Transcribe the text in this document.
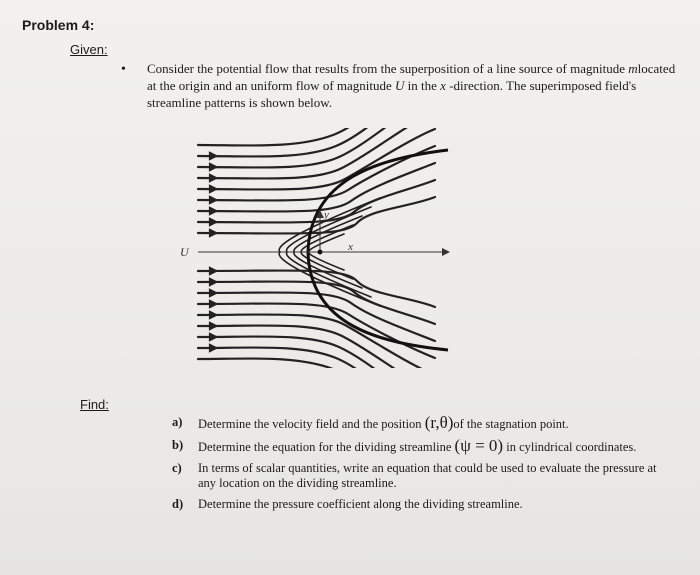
Problem 4:
Given:
• Consider the potential flow that results from the superposition of a line source of magnitude mlocated at the origin and an uniform flow of magnitude U in the x -direction. The superimposed field's streamline patterns is shown below.
x
y
U
Find:
a)	Determine the velocity field and the position (r,θ)of the stagnation point.
b)	Determine the equation for the dividing streamline (ψ = 0) in cylindrical coordinates.
c)	In terms of scalar quantities, write an equation that could be used to evaluate the pressure at any location on the dividing streamline.
d)	Determine the pressure coefficient along the dividing streamline.
